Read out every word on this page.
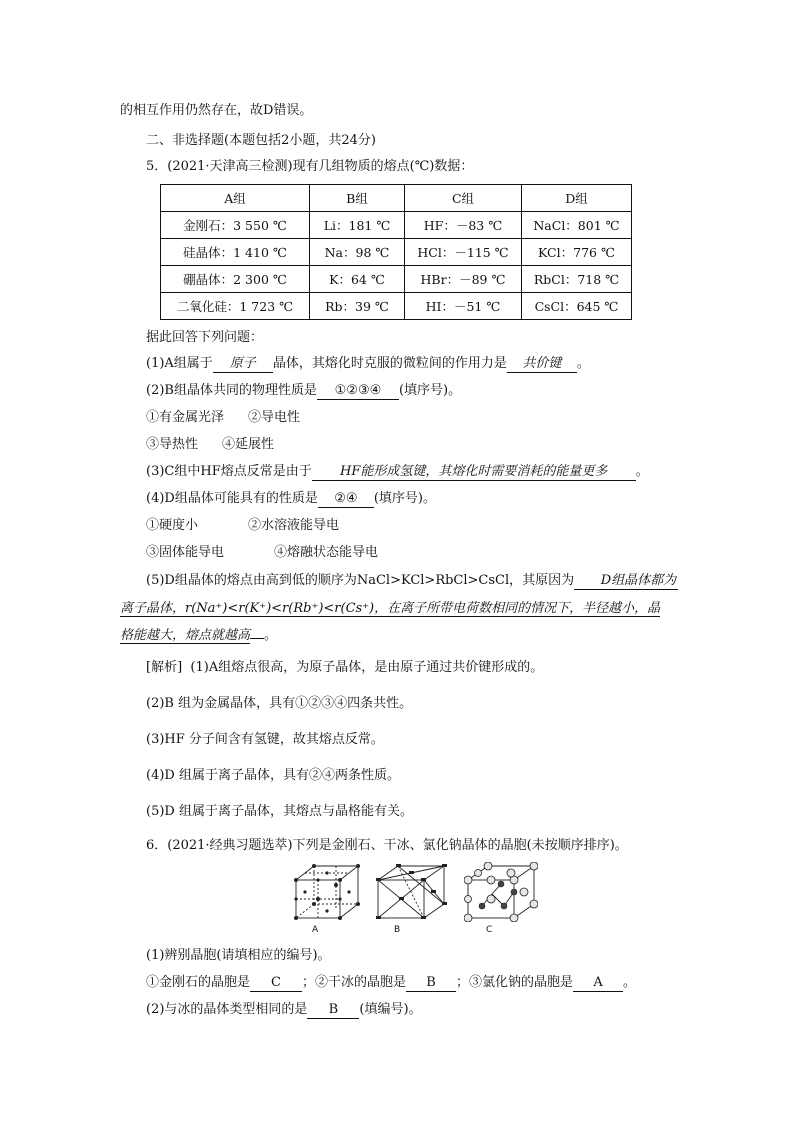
的相互作用仍然存在，故D错误。
二、非选择题(本题包括2小题，共24分)
5．(2021·天津高三检测)现有几组物质的熔点(℃)数据：
A组	B组	C组	D组
金刚石：3 550 ℃	Li：181 ℃	HF：－83 ℃	NaCl：801 ℃
硅晶体：1 410 ℃	Na：98 ℃	HCl：－115 ℃	KCl：776 ℃
硼晶体：2 300 ℃	K：64 ℃	HBr：－89 ℃	RbCl：718 ℃
二氧化硅：1 723 ℃	Rb：39 ℃	HI：－51 ℃	CsCl：645 ℃
据此回答下列问题：
(1)A组属于 原子 晶体，其熔化时克服的微粒间的作用力是 共价键 。
(2)B组晶体共同的物理性质是 ①②③④ (填序号)。
①有金属光泽 ②导电性
③导热性 ④延展性
(3)C组中HF熔点反常是由于 HF能形成氢键，其熔化时需要消耗的能量更多 。
(4)D组晶体可能具有的性质是 ②④ (填序号)。
①硬度小	②水溶液能导电
③固体能导电	④熔融状态能导电
(5)D组晶体的熔点由高到低的顺序为NaCl>KCl>RbCl>CsCl，其原因为 D组晶体都为
离子晶体，r(Na⁺)<r(K⁺)<r(Rb⁺)<r(Cs⁺)，在离子所带电荷数相同的情况下，半径越小，晶
格能越大，熔点就越高 。
[解析] (1)A组熔点很高，为原子晶体，是由原子通过共价键形成的。
(2)B 组为金属晶体，具有①②③④四条共性。
(3)HF 分子间含有氢键，故其熔点反常。
(4)D 组属于离子晶体，具有②④两条性质。
(5)D 组属于离子晶体，其熔点与晶格能有关。
6．(2021·经典习题选萃)下列是金刚石、干冰、氯化钠晶体的晶胞(未按顺序排序)。
A	B	C
(1)辨别晶胞(请填相应的编号)。
①金刚石的晶胞是 C ；②干冰的晶胞是 B ；③氯化钠的晶胞是 A 。
(2)与冰的晶体类型相同的是 B (填编号)。
